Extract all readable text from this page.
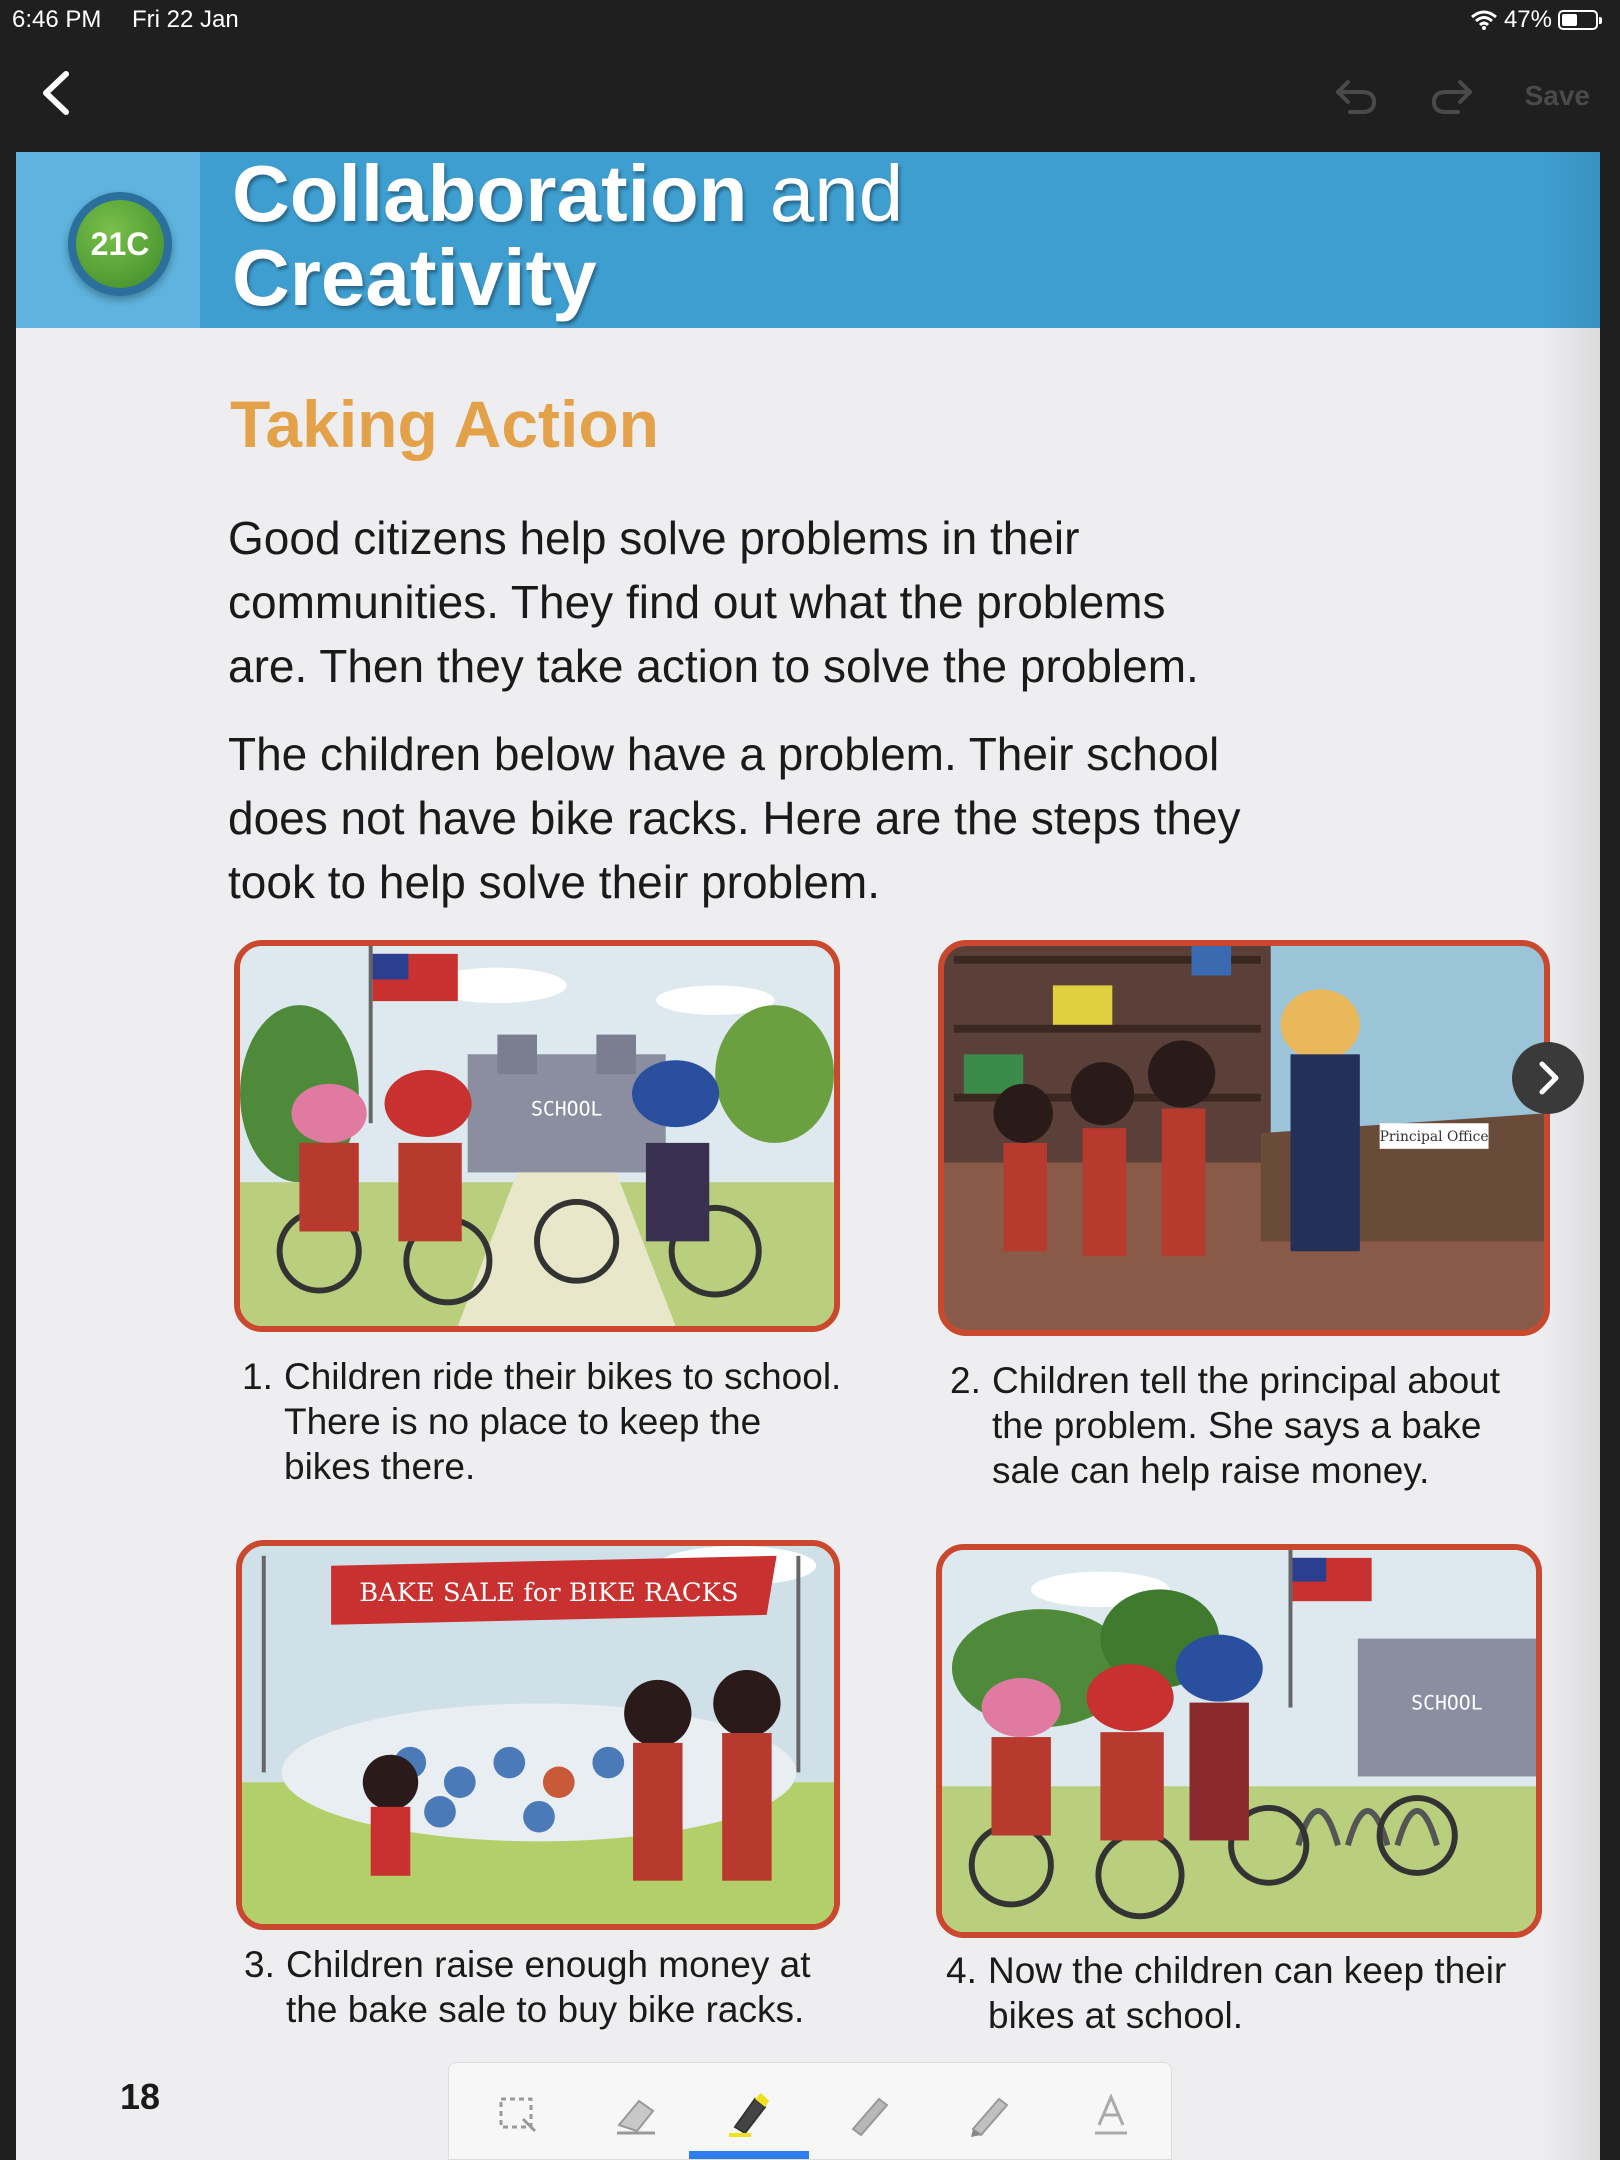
6:46 PM Fri 22 Jan	47%
Save
21C
Collaboration and
Creativity
Taking Action
Good citizens help solve problems in their
communities. They find out what the problems
are. Then they take action to solve the problem.
The children below have a problem. Their school
does not have bike racks. Here are the steps they
took to help solve their problem.
SCHOOL
1. Children ride their bikes to school.
There is no place to keep the
bikes there.
Principal Office
2. Children tell the principal about
the problem. She says a bake
sale can help raise money.
BAKE SALE for BIKE RACKS
3. Children raise enough money at
the bake sale to buy bike racks.
SCHOOL
4. Now the children can keep their
bikes at school.
18
